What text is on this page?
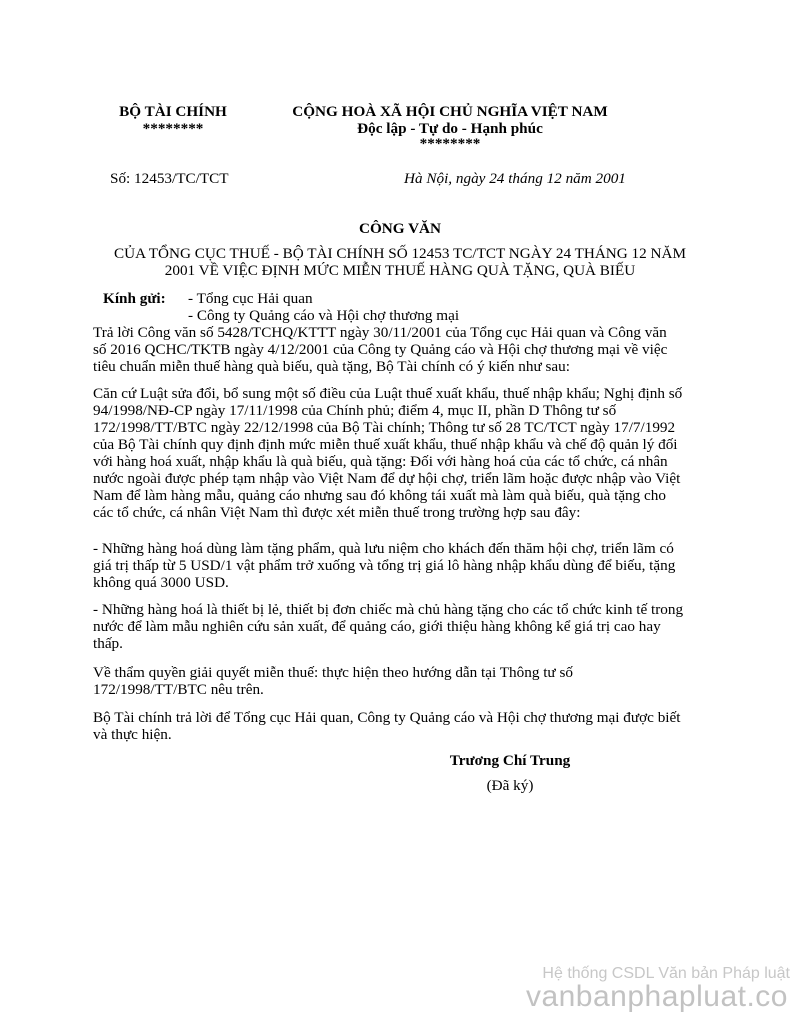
BỘ TÀI CHÍNH
********
CỘNG HOÀ XÃ HỘI CHỦ NGHĨA VIỆT NAM
Độc lập - Tự do - Hạnh phúc
********
Số: 12453/TC/TCT	Hà Nội, ngày 24 tháng 12 năm 2001
CÔNG VĂN
CỦA TỔNG CỤC THUẾ - BỘ TÀI CHÍNH SỐ 12453 TC/TCT NGÀY 24 THÁNG 12 NĂM
2001 VỀ VIỆC ĐỊNH MỨC MIỄN THUẾ HÀNG QUÀ TẶNG, QUÀ BIẾU
Kính gửi: - Tổng cục Hải quan
- Công ty Quảng cáo và Hội chợ thương mại

Trả lời Công văn số 5428/TCHQ/KTTT ngày 30/11/2001 của Tổng cục Hải quan và Công văn

số 2016 QCHC/TKTB ngày 4/12/2001 của Công ty Quảng cáo và Hội chợ thương mại về việc

tiêu chuẩn miễn thuế hàng quà biếu, quà tặng, Bộ Tài chính có ý kiến như sau:

Căn cứ Luật sửa đổi, bổ sung một số điều của Luật thuế xuất khẩu, thuế nhập khẩu; Nghị định số

94/1998/NĐ-CP ngày 17/11/1998 của Chính phủ; điểm 4, mục II, phần D Thông tư số

172/1998/TT/BTC ngày 22/12/1998 của Bộ Tài chính; Thông tư số 28 TC/TCT ngày 17/7/1992

của Bộ Tài chính quy định định mức miễn thuế xuất khẩu, thuế nhập khẩu và chế độ quản lý đối

với hàng hoá xuất, nhập khẩu là quà biếu, quà tặng: Đối với hàng hoá của các tổ chức, cá nhân

nước ngoài được phép tạm nhập vào Việt Nam để dự hội chợ, triển lãm hoặc được nhập vào Việt

Nam để làm hàng mẫu, quảng cáo nhưng sau đó không tái xuất mà làm quà biếu, quà tặng cho

các tổ chức, cá nhân Việt Nam thì được xét miễn thuế trong trường hợp sau đây:

- Những hàng hoá dùng làm tặng phẩm, quà lưu niệm cho khách đến thăm hội chợ, triển lãm có

giá trị thấp từ 5 USD/1 vật phẩm trở xuống và tổng trị giá lô hàng nhập khẩu dùng để biếu, tặng

không quá 3000 USD.

- Những hàng hoá là thiết bị lẻ, thiết bị đơn chiếc mà chủ hàng tặng cho các tổ chức kinh tế trong

nước để làm mẫu nghiên cứu sản xuất, để quảng cáo, giới thiệu hàng không kể giá trị cao hay

thấp.

Về thẩm quyền giải quyết miễn thuế: thực hiện theo hướng dẫn tại Thông tư số

172/1998/TT/BTC nêu trên.

Bộ Tài chính trả lời để Tổng cục Hải quan, Công ty Quảng cáo và Hội chợ thương mại được biết

và thực hiện.

Trương Chí Trung
(Đã ký)
Hệ thống CSDL Văn bản Pháp luật
vanbanphapluat.co
